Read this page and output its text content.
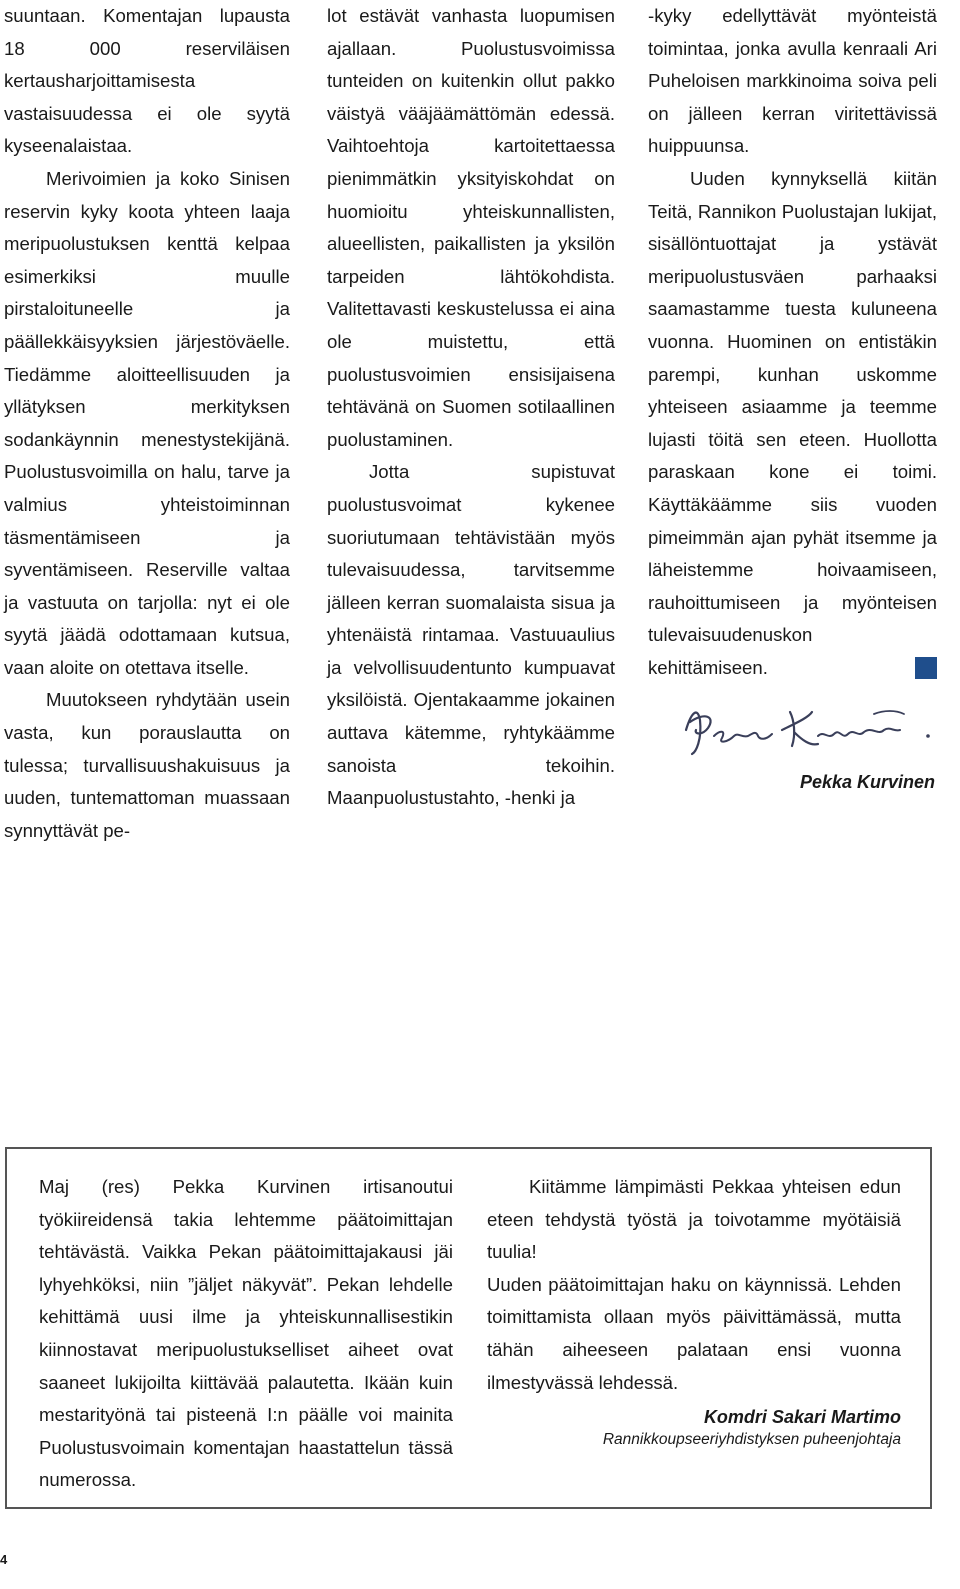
suuntaan. Komentajan lupausta 18 000 reserviläisen kertausharjoittamisesta vastaisuudessa ei ole syytä kyseenalaistaa.

Merivoimien ja koko Sinisen reservin kyky koota yhteen laaja meripuolustuksen kenttä kelpaa esimerkiksi muulle pirstaloituneelle ja päällekkäisyyksien järjestöväelle. Tiedämme aloitteellisuuden ja yllätyksen merkityksen sodankäynnin menestystekijänä. Puolustusvoimilla on halu, tarve ja valmius yhteistoiminnan täsmentämiseen ja syventämiseen. Reserville valtaa ja vastuuta on tarjolla: nyt ei ole syytä jäädä odottamaan kutsua, vaan aloite on otettava itselle.

Muutokseen ryhdytään usein vasta, kun porauslautta on tulessa; turvallisuushakuisuus ja uuden, tuntemattoman muassaan synnyttävät pe-

lot estävät vanhasta luopumisen ajallaan. Puolustusvoimissa tunteiden on kuitenkin ollut pakko väistyä vääjäämättömän edessä. Vaihtoehtoja kartoitettaessa pienimmätkin yksityiskohdat on huomioitu yhteiskunnallisten, alueellisten, paikallisten ja yksilön tarpeiden lähtökohdista. Valitettavasti keskustelussa ei aina ole muistettu, että puolustusvoimien ensisijaisena tehtävänä on Suomen sotilaallinen puolustaminen.

Jotta supistuvat puolustusvoimat kykenee suoriutumaan tehtävistään myös tulevaisuudessa, tarvitsemme jälleen kerran suomalaista sisua ja yhtenäistä rintamaa. Vastuuaulius ja velvollisuudentunto kumpuavat yksilöistä. Ojentakaamme jokainen auttava kätemme, ryhtykäämme sanoista tekoihin. Maanpuolustustahto, -henki ja

-kyky edellyttävät myönteistä toimintaa, jonka avulla kenraali Ari Puheloisen markkinoima soiva peli on jälleen kerran viritettävissä huippuunsa.

Uuden kynnyksellä kiitän Teitä, Rannikon Puolustajan lukijat, sisällöntuottajat ja ystävät meripuolustusväen parhaaksi saamastamme tuesta kuluneena vuonna. Huominen on entistäkin parempi, kunhan uskomme yhteiseen asiaamme ja teemme lujasti töitä sen eteen. Huollotta paraskaan kone ei toimi. Käyttäkäämme siis vuoden pimeimmän ajan pyhät itsemme ja läheistemme hoivaamiseen, rauhoittumiseen ja myönteisen tulevaisuudenuskon kehittämiseen.

Pekka Kurvinen
Pekka Kurvinen

Maj (res) Pekka Kurvinen irtisanoutui työkiireidensä takia lehtemme päätoimittajan tehtävästä. Vaikka Pekan päätoimittajakausi jäi lyhyehköksi, niin ”jäljet näkyvät”. Pekan lehdelle kehittämä uusi ilme ja yhteiskunnallisestikin kiinnostavat meripuolustukselliset aiheet ovat saaneet lukijoilta kiittävää palautetta. Ikään kuin mestarityönä tai pisteenä I:n päälle voi mainita Puolustusvoimain komentajan haastattelun tässä numerossa.

Kiitämme lämpimästi Pekkaa yhteisen edun eteen tehdystä työstä ja toivotamme myötäisiä tuulia!

Uuden päätoimittajan haku on käynnissä. Lehden toimittamista ollaan myös päivittämässä, mutta tähän aiheeseen palataan ensi vuonna ilmestyvässä lehdessä.

Komdri Sakari Martimo
Rannikkoupseeriyhdistyksen puheenjohtaja
4
